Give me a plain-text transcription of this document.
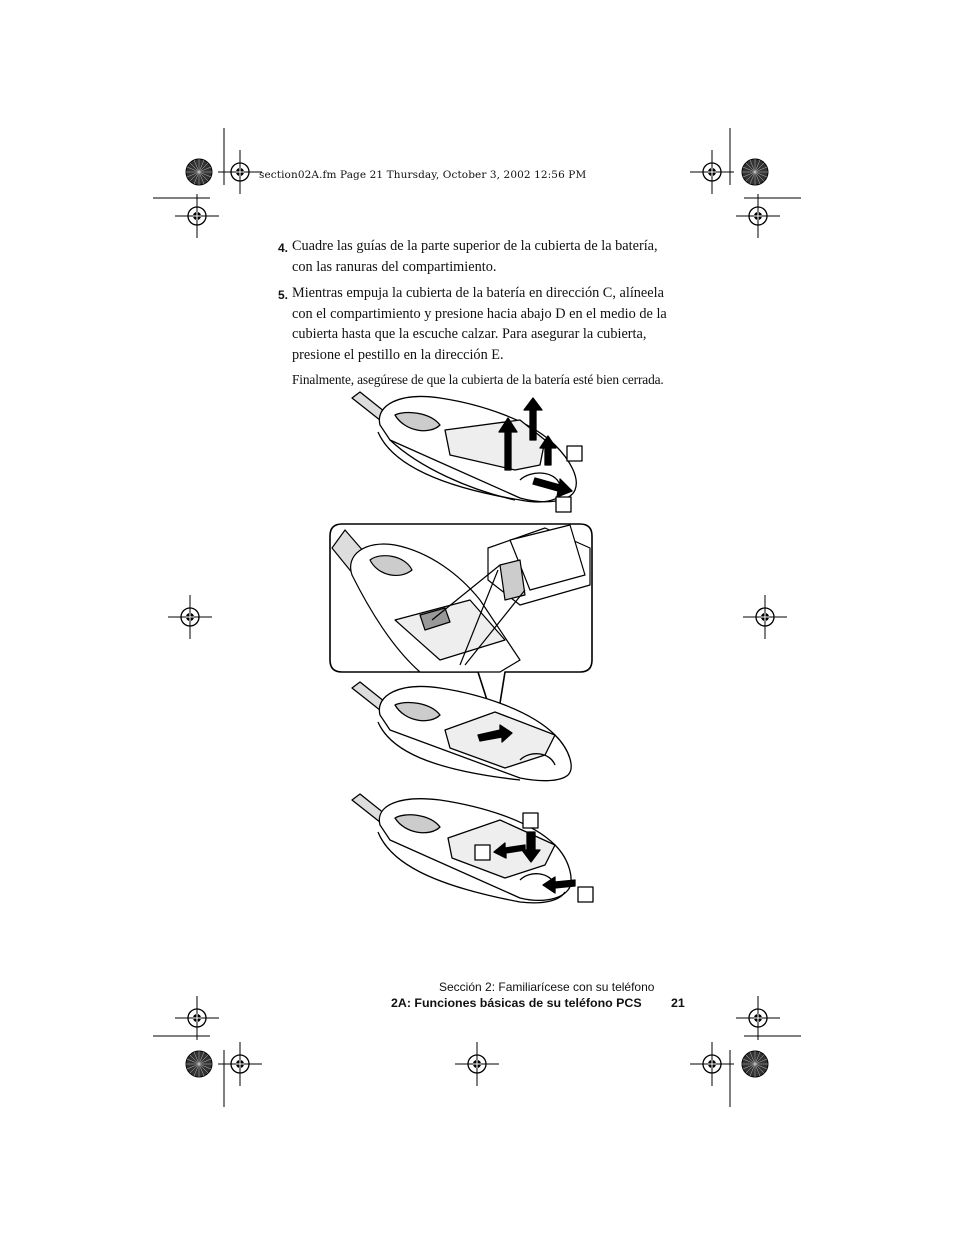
section02A.fm Page 21 Thursday, October 3, 2002 12:56 PM
4. Cuadre las guías de la parte superior de la cubierta de la batería, con las ranuras del compartimiento.
5. Mientras empuja la cubierta de la batería en dirección C, alíneela con el compartimiento y presione hacia abajo D en el medio de la cubierta hasta que la escuche calzar. Para asegurar la cubierta, presione el pestillo en la dirección E.
Finalmente, asegúrese de que la cubierta de la batería esté bien cerrada.
Sección 2: Familiarícese con su teléfono
2A: Funciones básicas de su teléfono PCS 21
